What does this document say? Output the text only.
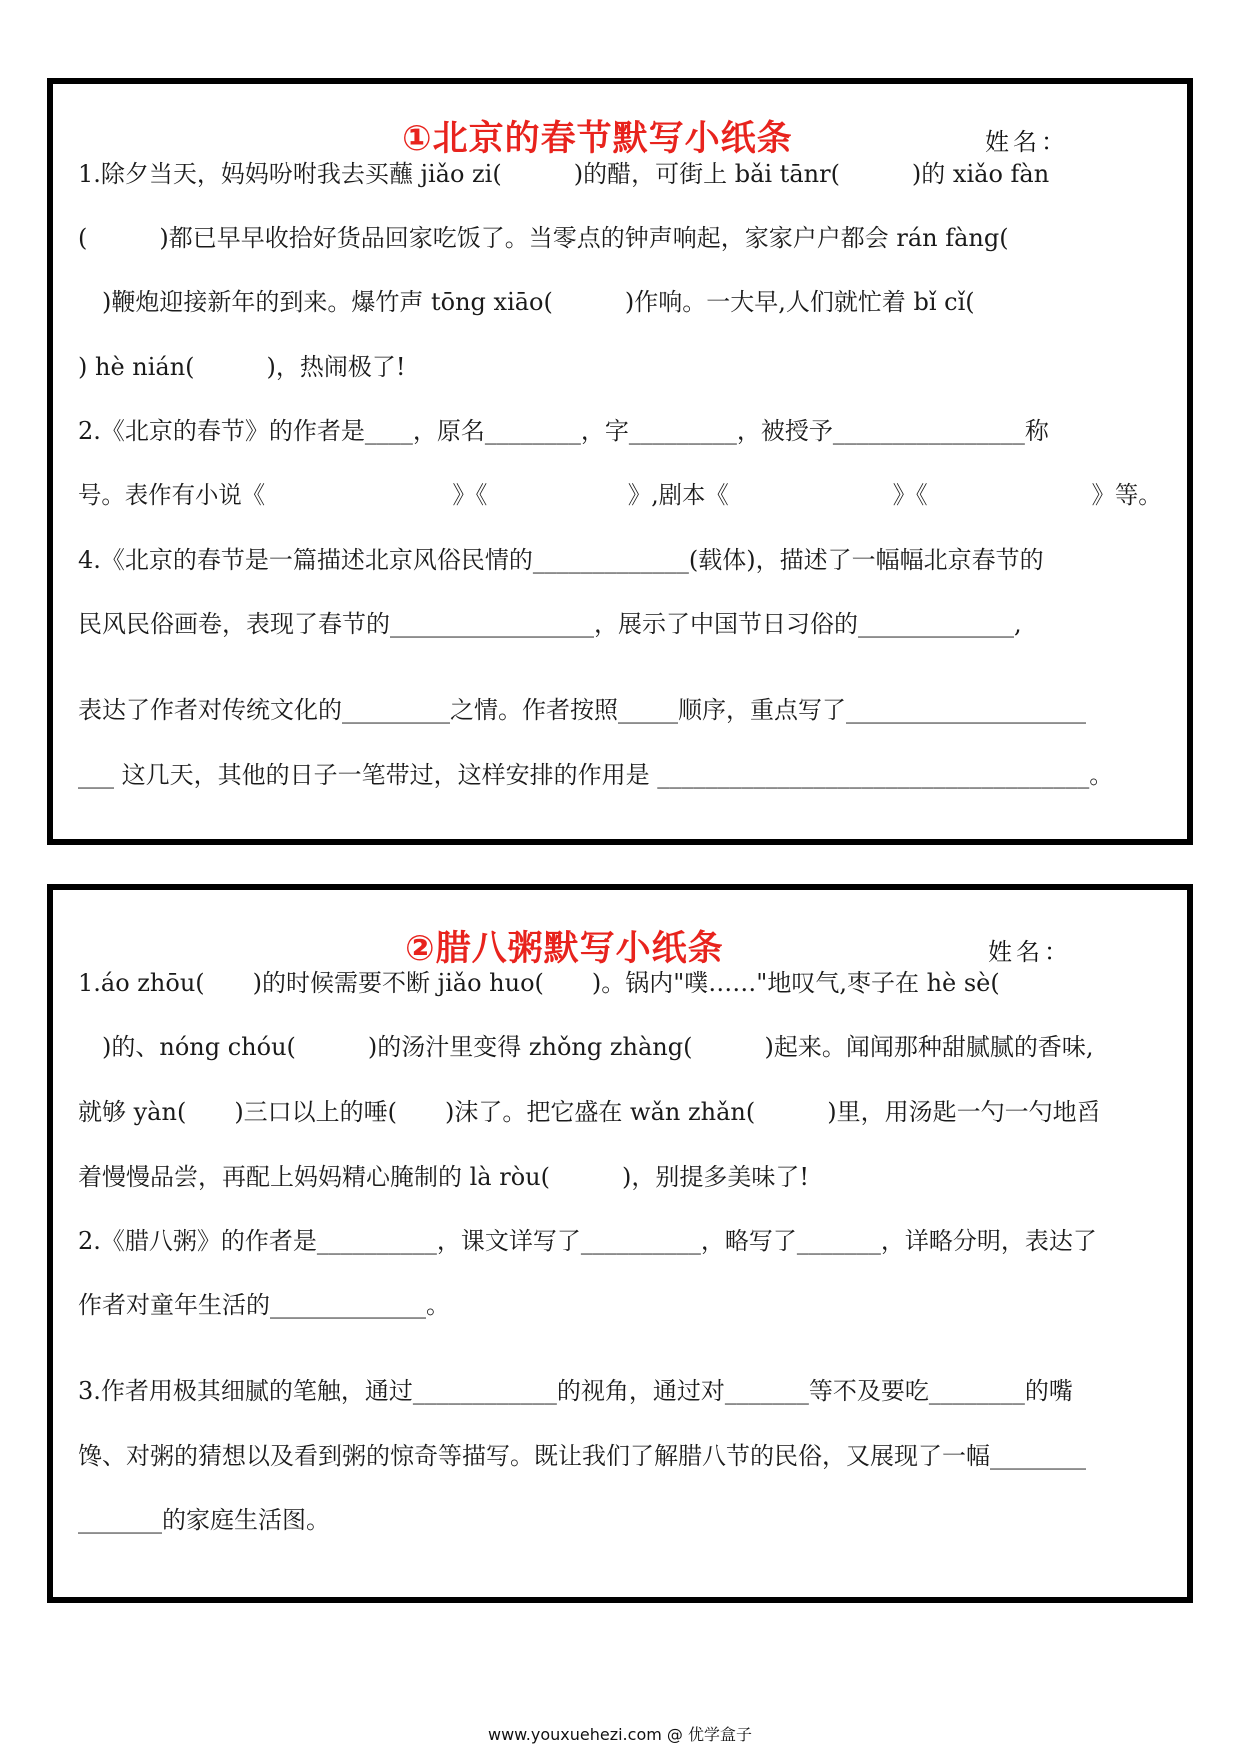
①北京的春节默写小纸条	姓名：
1.除夕当天，妈妈吩咐我去买蘸 jiǎo zi(　　　)的醋，可街上 bǎi tānr(　　　)的 xiǎo fàn
(　　　)都已早早收拾好货品回家吃饭了。当零点的钟声响起，家家户户都会 rán fàng(
　)鞭炮迎接新年的到来。爆竹声 tōng xiāo(　　　)作响。一大早,人们就忙着 bǐ cǐ(
) hè nián(　　　)，热闹极了!
2.《北京的春节》的作者是____，原名________，字_________，被授予________________称
号。表作有小说《　　　　　　　　》《　　　　　　》,剧本《　　　　　　　》《　　　　　　　》等。
4.《北京的春节是一篇描述北京风俗民情的_____________(载体)，描述了一幅幅北京春节的
民风民俗画卷，表现了春节的_________________，展示了中国节日习俗的_____________,
表达了作者对传统文化的_________之情。作者按照_____顺序，重点写了____________________
___ 这几天，其他的日子一笔带过，这样安排的作用是 ____________________________________。
②腊八粥默写小纸条	姓名：
1.áo zhōu(　　)的时候需要不断 jiǎo huo(　　)。锅内"噗……"地叹气,枣子在 hè sè(
　)的、nóng chóu(　　　)的汤汁里变得 zhǒng zhàng(　　　)起来。闻闻那种甜腻腻的香味,
就够 yàn(　　)三口以上的唾(　　)沫了。把它盛在 wǎn zhǎn(　　　)里，用汤匙一勺一勺地舀
着慢慢品尝，再配上妈妈精心腌制的 là ròu(　　　)，别提多美味了!
2.《腊八粥》的作者是__________，课文详写了__________，略写了_______，详略分明，表达了
作者对童年生活的_____________。
3.作者用极其细腻的笔触，通过____________的视角，通过对_______等不及要吃________的嘴
馋、对粥的猜想以及看到粥的惊奇等描写。既让我们了解腊八节的民俗，又展现了一幅________
_______的家庭生活图。
www.youxuehezi.com @ 优学盒子
